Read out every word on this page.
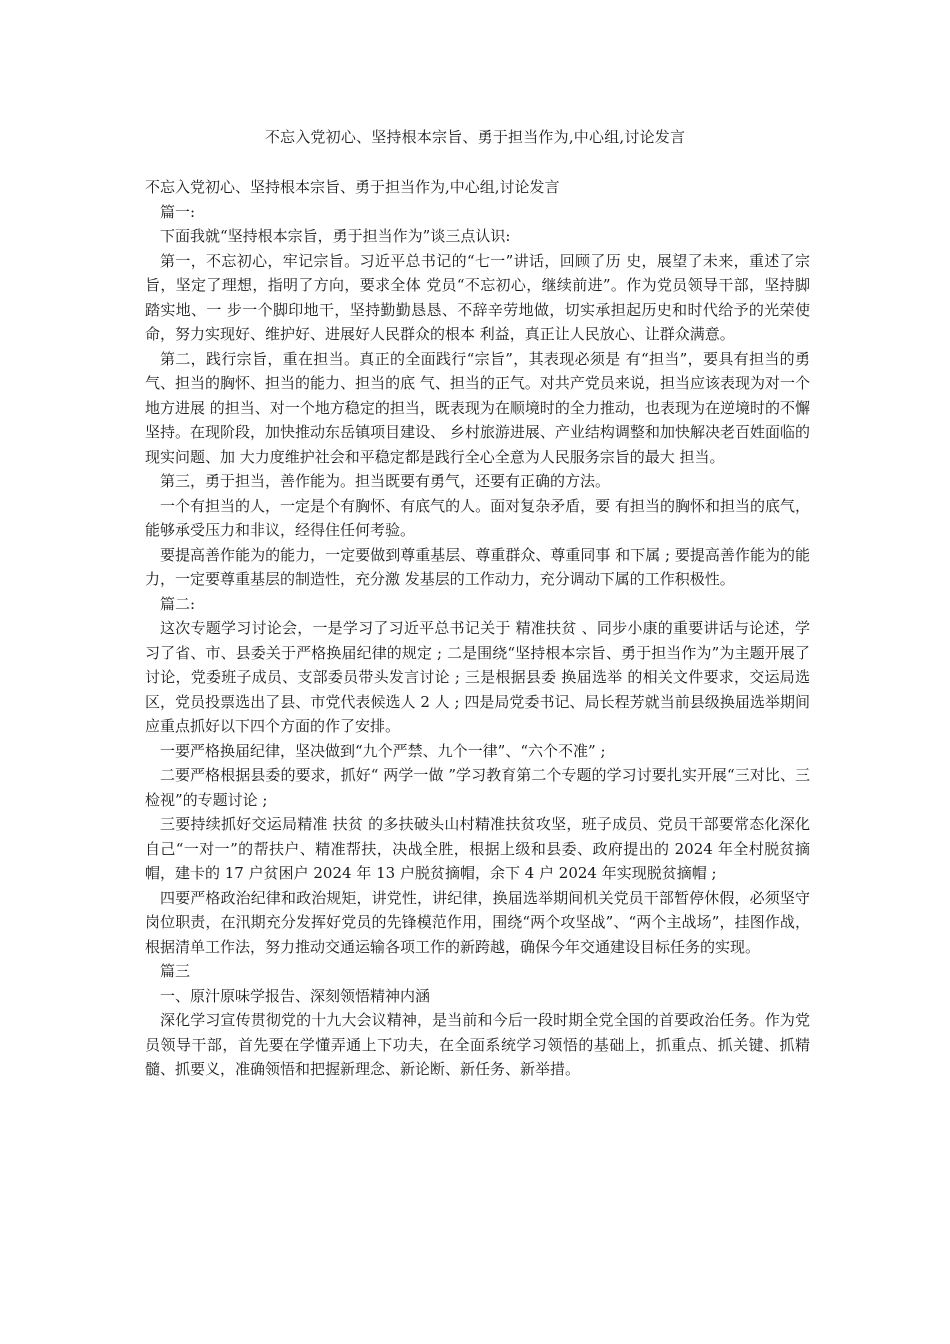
不忘入党初心、坚持根本宗旨、勇于担当作为,中心组,讨论发言

不忘入党初心、坚持根本宗旨、勇于担当作为,中心组,讨论发言

篇一:

下面我就“坚持根本宗旨，勇于担当作为”谈三点认识:

第一，不忘初心，牢记宗旨。习近平总书记的“七一”讲话，回顾了历 史，展望了未来，重述了宗旨，坚定了理想，指明了方向，要求全体 党员“不忘初心，继续前进”。作为党员领导干部，坚持脚踏实地、一 步一个脚印地干，坚持勤勤恳恳、不辞辛劳地做，切实承担起历史和时代给予的光荣使命，努力实现好、维护好、进展好人民群众的根本 利益，真正让人民放心、让群众满意。

第二，践行宗旨，重在担当。真正的全面践行“宗旨”，其表现必须是 有“担当”，要具有担当的勇气、担当的胸怀、担当的能力、担当的底 气、担当的正气。对共产党员来说，担当应该表现为对一个地方进展 的担当、对一个地方稳定的担当，既表现为在顺境时的全力推动，也表现为在逆境时的不懈坚持。在现阶段，加快推动东岳镇项目建设、 乡村旅游进展、产业结构调整和加快解决老百姓面临的现实问题、加 大力度维护社会和平稳定都是践行全心全意为人民服务宗旨的最大 担当。

第三，勇于担当，善作能为。担当既要有勇气，还要有正确的方法。

一个有担当的人，一定是个有胸怀、有底气的人。面对复杂矛盾，要 有担当的胸怀和担当的底气，能够承受压力和非议，经得住任何考验。

要提高善作能为的能力，一定要做到尊重基层、尊重群众、尊重同事 和下属 ; 要提高善作能为的能力，一定要尊重基层的制造性，充分激 发基层的工作动力，充分调动下属的工作积极性。

篇二:

这次专题学习讨论会，一是学习了习近平总书记关于 精准扶贫 、同步小康的重要讲话与论述，学习了省、市、县委关于严格换届纪律的规定 ; 二是围绕“坚持根本宗旨、勇于担当作为”为主题开展了讨论，党委班子成员、支部委员带头发言讨论 ; 三是根据县委 换届选举 的相关文件要求，交运局选区，党员投票选出了县、市党代表候选人 2 人 ; 四是局党委书记、局长程芳就当前县级换届选举期间应重点抓好以下四个方面的作了安排。

一要严格换届纪律，坚决做到“九个严禁、九个一律”、“六个不准” ;

二要严格根据县委的要求，抓好“ 两学一做 ”学习教育第二个专题的学习讨要扎实开展“三对比、三检视”的专题讨论 ;

三要持续抓好交运局精准 扶贫 的多扶破头山村精准扶贫攻坚，班子成员、党员干部要常态化深化自己“一对一”的帮扶户、精准帮扶，决战全胜，根据上级和县委、政府提出的 2024 年全村脱贫摘帽，建卡的 17 户贫困户 2024 年 13 户脱贫摘帽，余下 4 户 2024 年实现脱贫摘帽 ;

四要严格政治纪律和政治规矩，讲党性，讲纪律，换届选举期间机关党员干部暂停休假，必须坚守岗位职责，在汛期充分发挥好党员的先锋模范作用，围绕“两个攻坚战”、“两个主战场”，挂图作战，根据清单工作法，努力推动交通运输各项工作的新跨越，确保今年交通建设目标任务的实现。

篇三

一、原汁原味学报告、深刻领悟精神内涵

深化学习宣传贯彻党的十九大会议精神，是当前和今后一段时期全党全国的首要政治任务。作为党员领导干部，首先要在学懂弄通上下功夫，在全面系统学习领悟的基础上，抓重点、抓关键、抓精髓、抓要义，准确领悟和把握新理念、新论断、新任务、新举措。
